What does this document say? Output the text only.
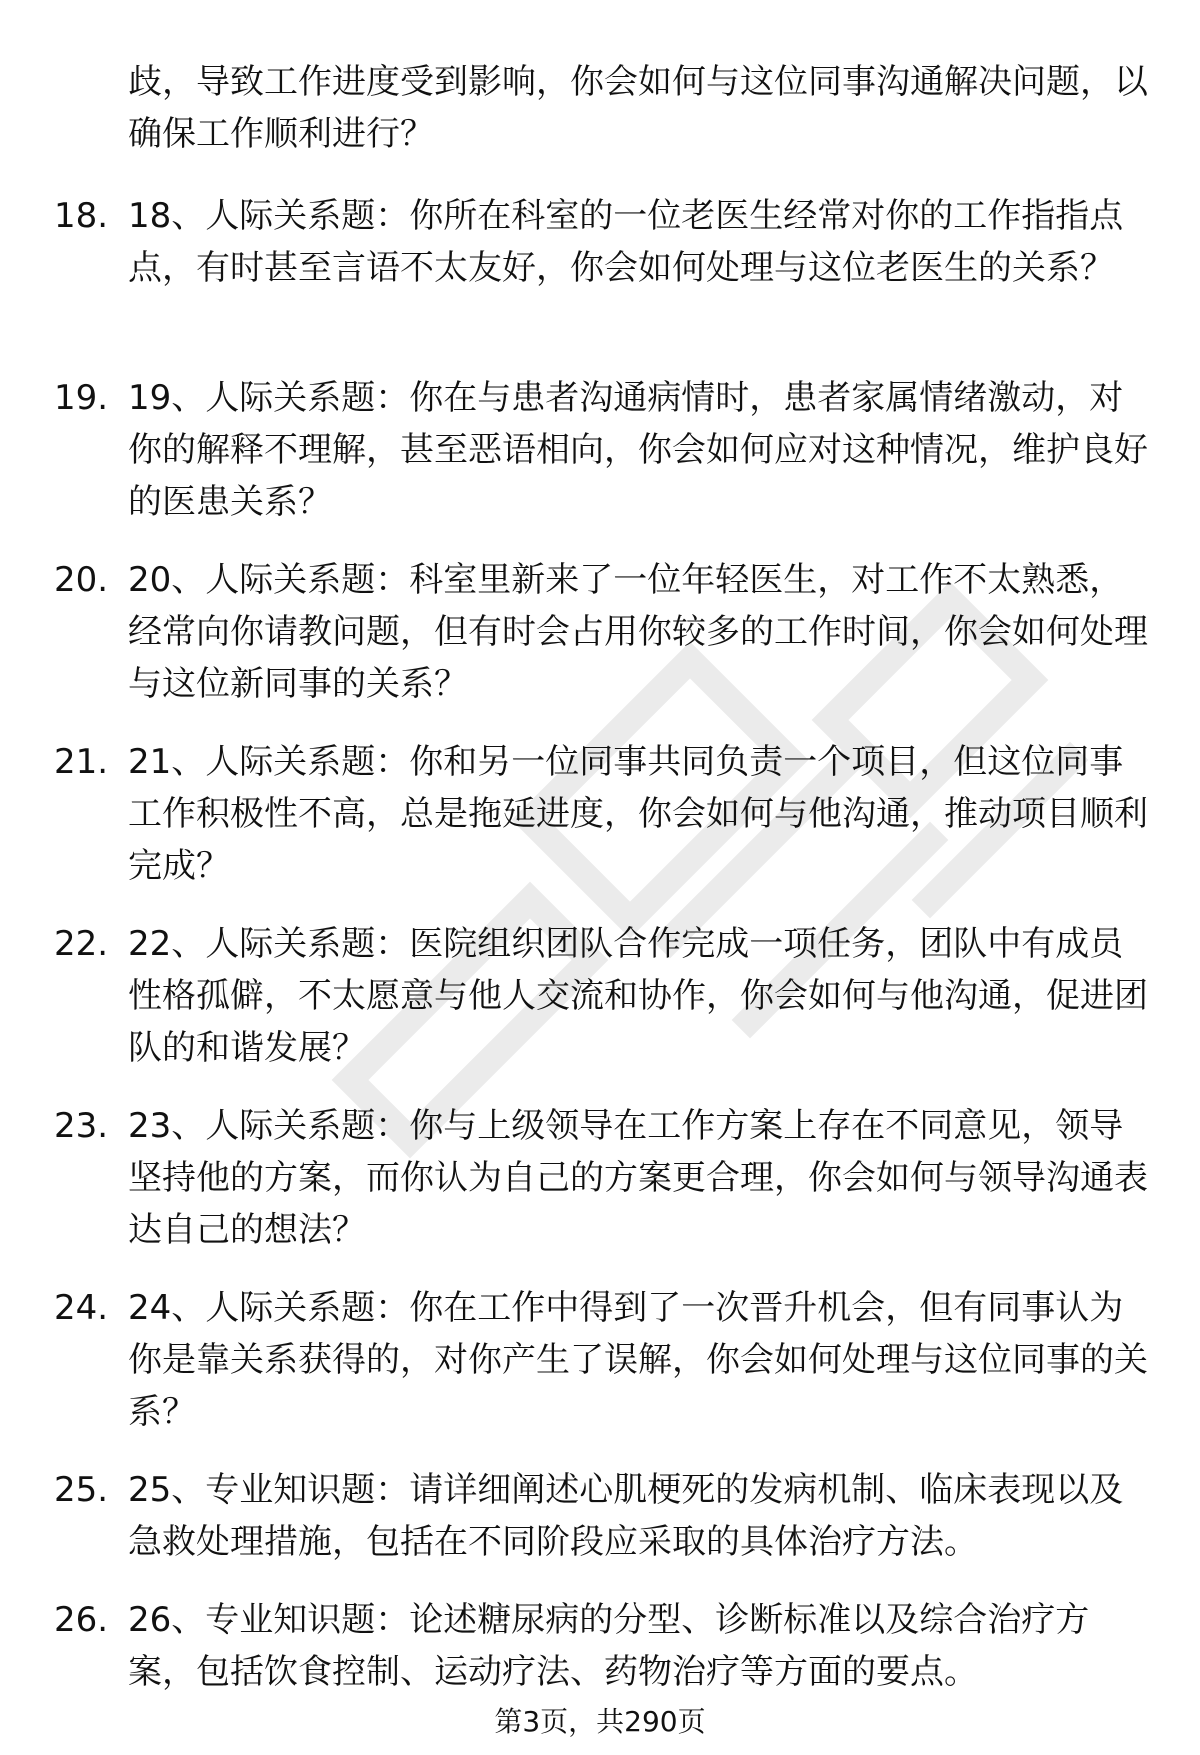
歧，导致工作进度受到影响，你会如何与这位同事沟通解决问题，以确保工作顺利进行？
18. 18、人际关系题：你所在科室的一位老医生经常对你的工作指指点点，有时甚至言语不太友好，你会如何处理与这位老医生的关系？
19. 19、人际关系题：你在与患者沟通病情时，患者家属情绪激动，对你的解释不理解，甚至恶语相向，你会如何应对这种情况，维护良好的医患关系？
20. 20、人际关系题：科室里新来了一位年轻医生，对工作不太熟悉，经常向你请教问题，但有时会占用你较多的工作时间，你会如何处理与这位新同事的关系？
21. 21、人际关系题：你和另一位同事共同负责一个项目，但这位同事工作积极性不高，总是拖延进度，你会如何与他沟通，推动项目顺利完成？
22. 22、人际关系题：医院组织团队合作完成一项任务，团队中有成员性格孤僻，不太愿意与他人交流和协作，你会如何与他沟通，促进团队的和谐发展？
23. 23、人际关系题：你与上级领导在工作方案上存在不同意见，领导坚持他的方案，而你认为自己的方案更合理，你会如何与领导沟通表达自己的想法？
24. 24、人际关系题：你在工作中得到了一次晋升机会，但有同事认为你是靠关系获得的，对你产生了误解，你会如何处理与这位同事的关系？
25. 25、专业知识题：请详细阐述心肌梗死的发病机制、临床表现以及急救处理措施，包括在不同阶段应采取的具体治疗方法。
26. 26、专业知识题：论述糖尿病的分型、诊断标准以及综合治疗方案，包括饮食控制、运动疗法、药物治疗等方面的要点。
第3页，共290页
